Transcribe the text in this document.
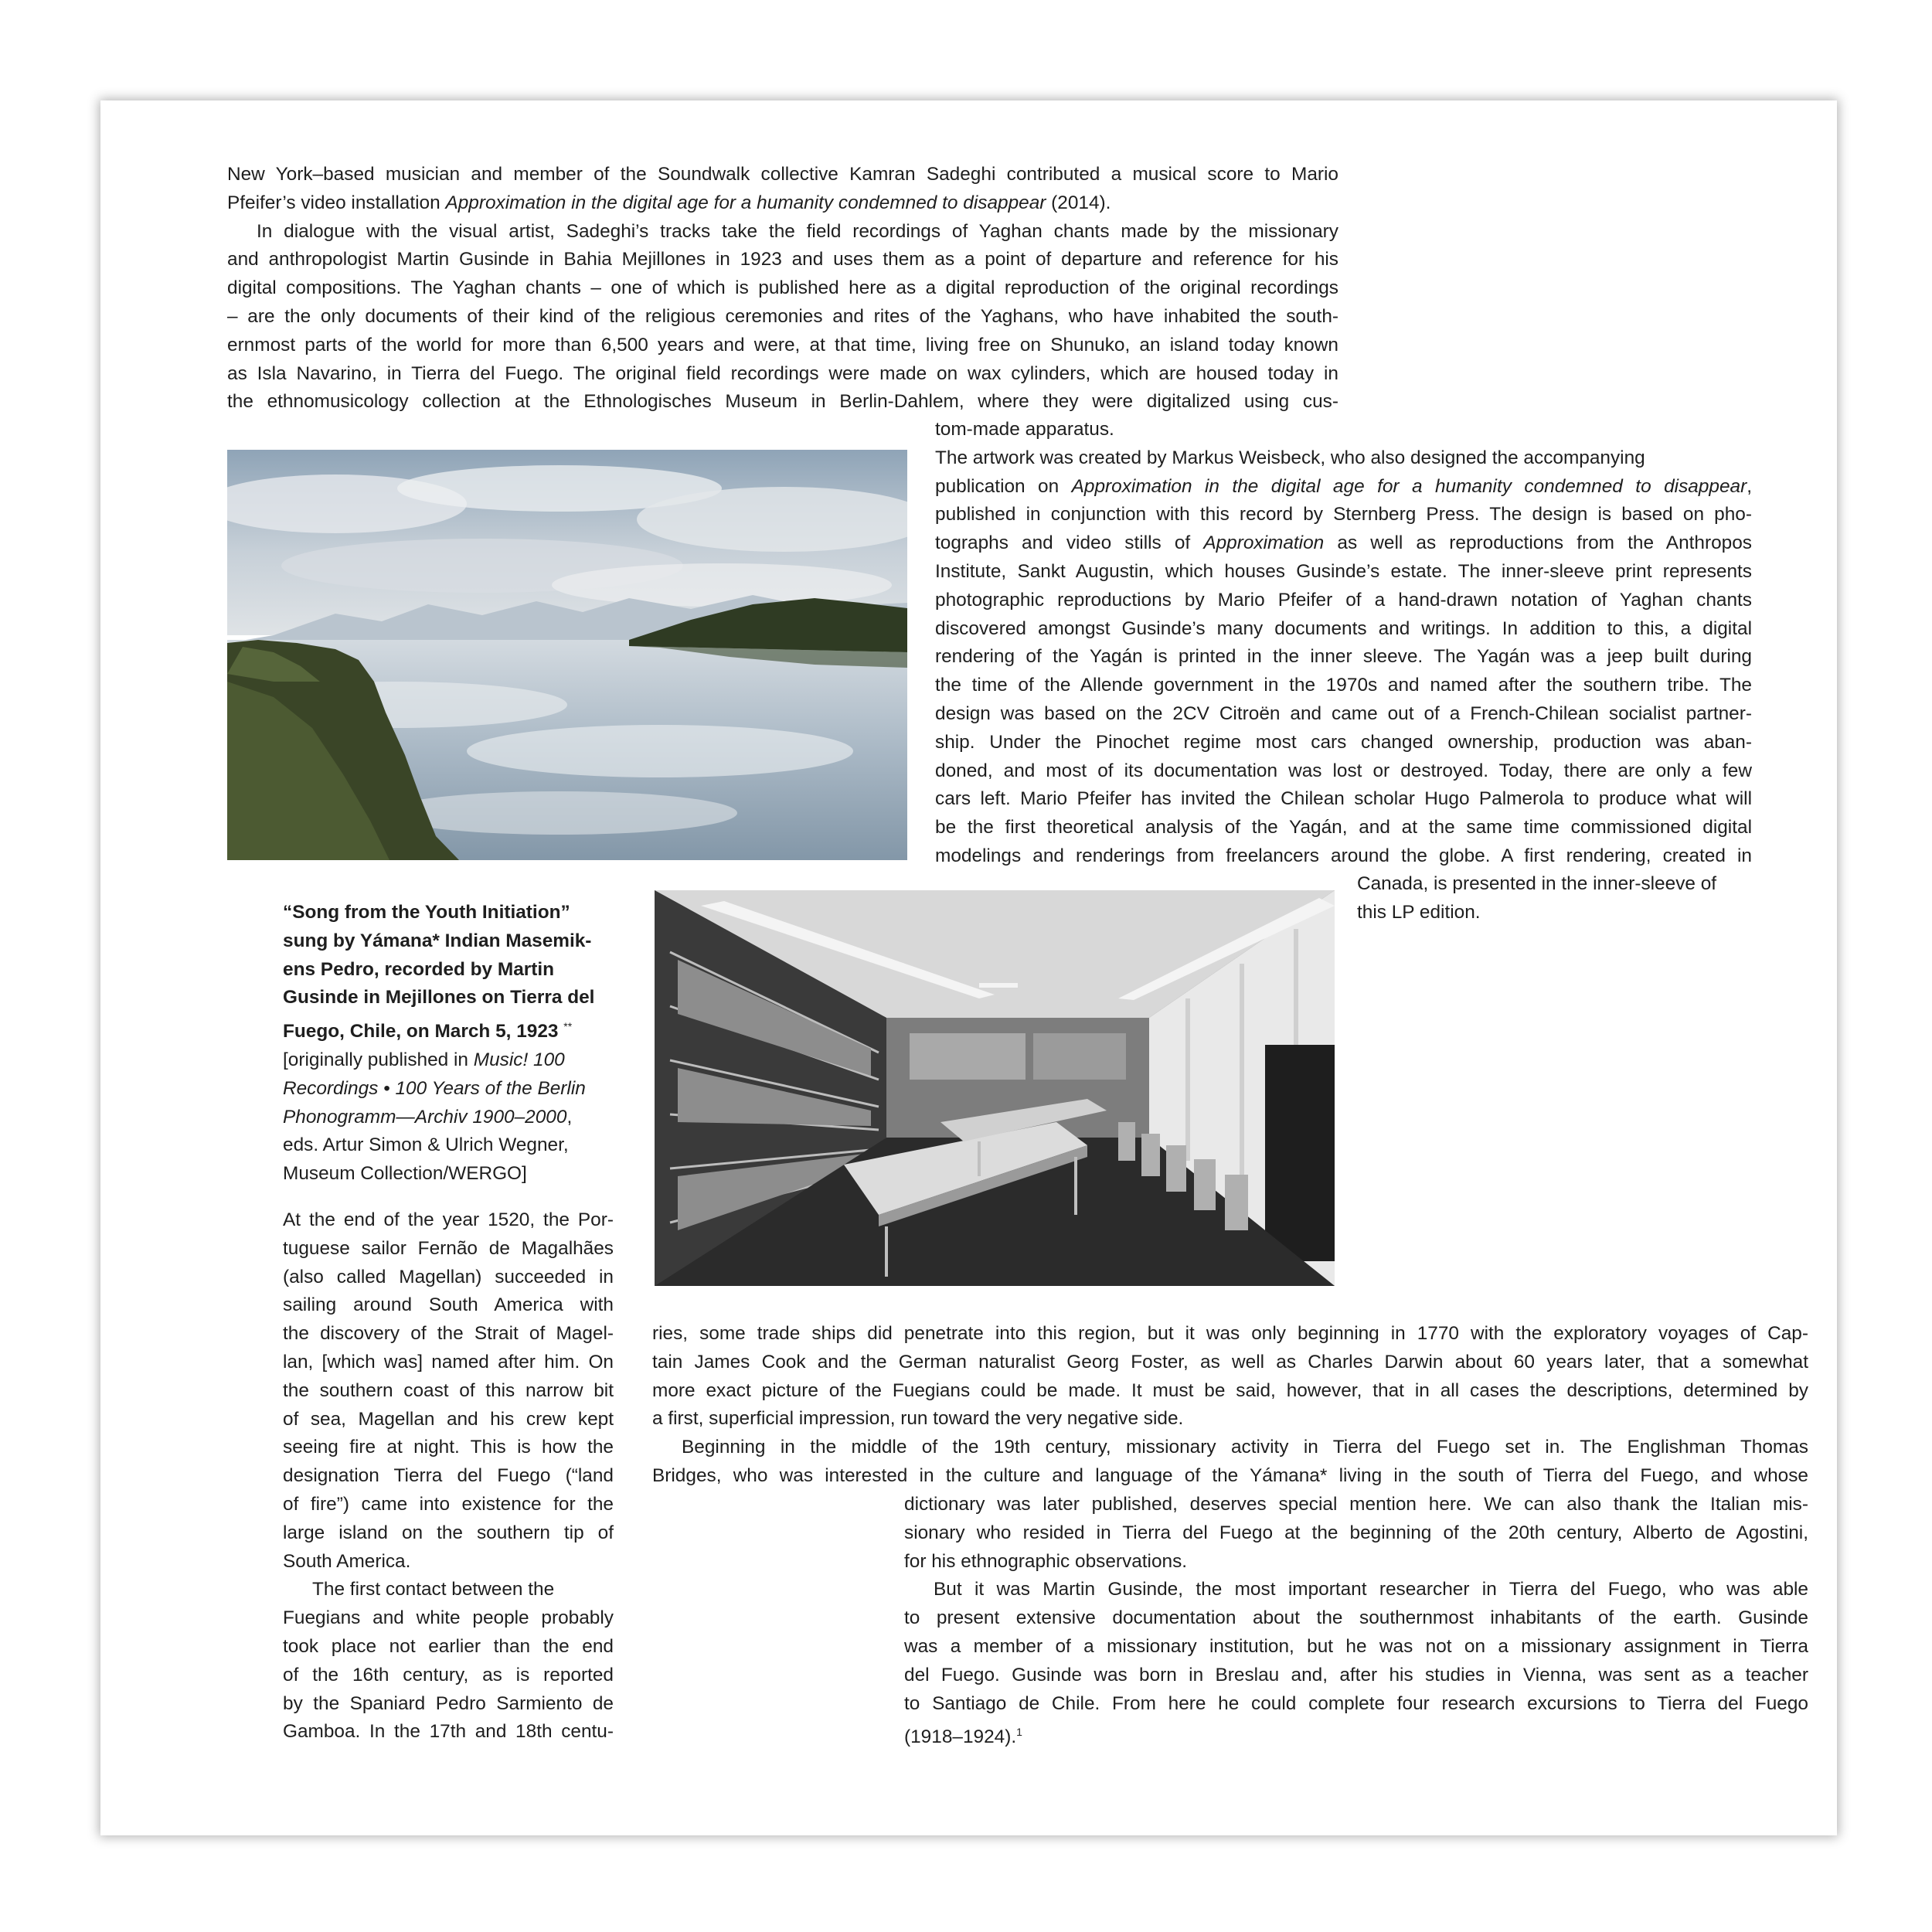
New York–based musician and member of the Soundwalk collective Kamran Sadeghi contributed a musical score to Mario
Pfeifer’s video installation Approximation in the digital age for a humanity condemned to disappear (2014).
In dialogue with the visual artist, Sadeghi’s tracks take the field recordings of Yaghan chants made by the missionary
and anthropologist Martin Gusinde in Bahia Mejillones in 1923 and uses them as a point of departure and reference for his
digital compositions. The Yaghan chants – one of which is published here as a digital reproduction of the original recordings
– are the only documents of their kind of the religious ceremonies and rites of the Yaghans, who have inhabited the south-
ernmost parts of the world for more than 6,500 years and were, at that time, living free on Shunuko, an island today known
as Isla Navarino, in Tierra del Fuego. The original field recordings were made on wax cylinders, which are housed today in
the ethnomusicology collection at the Ethnologisches Museum in Berlin-Dahlem, where they were digitalized using cus-
tom-made apparatus.
The artwork was created by Markus Weisbeck, who also designed the accompanying
publication on Approximation in the digital age for a humanity condemned to disappear,
published in conjunction with this record by Sternberg Press. The design is based on pho-
tographs and video stills of Approximation as well as reproductions from the Anthropos
Institute, Sankt Augustin, which houses Gusinde’s estate. The inner-sleeve print represents
photographic reproductions by Mario Pfeifer of a hand-drawn notation of Yaghan chants
discovered amongst Gusinde’s many documents and writings. In addition to this, a digital
rendering of the Yagán is printed in the inner sleeve. The Yagán was a jeep built during
the time of the Allende government in the 1970s and named after the southern tribe. The
design was based on the 2CV Citroën and came out of a French-Chilean socialist partner-
ship. Under the Pinochet regime most cars changed ownership, production was aban-
doned, and most of its documentation was lost or destroyed. Today, there are only a few
cars left. Mario Pfeifer has invited the Chilean scholar Hugo Palmerola to produce what will
be the first theoretical analysis of the Yagán, and at the same time commissioned digital
modelings and renderings from freelancers around the globe. A first rendering, created in
Canada, is presented in the inner-sleeve of
this LP edition.
“Song from the Youth Initiation”
sung by Yámana* Indian Masemik-
ens Pedro, recorded by Martin
Gusinde in Mejillones on Tierra del
Fuego, Chile, on March 5, 1923 **
[originally published in Music! 100
Recordings • 100 Years of the Berlin
Phonogramm—Archiv 1900–2000,
eds. Artur Simon & Ulrich Wegner,
Museum Collection/WERGO]
At the end of the year 1520, the Por-
tuguese sailor Fernão de Magalhães
(also called Magellan) succeeded in
sailing around South America with
the discovery of the Strait of Magel-
lan, [which was] named after him. On
the southern coast of this narrow bit
of sea, Magellan and his crew kept
seeing fire at night. This is how the
designation Tierra del Fuego (“land
of fire”) came into existence for the
large island on the southern tip of
South America.
The first contact between the
Fuegians and white people probably
took place not earlier than the end
of the 16th century, as is reported
by the Spaniard Pedro Sarmiento de
Gamboa. In the 17th and 18th centu-
ries, some trade ships did penetrate into this region, but it was only beginning in 1770 with the exploratory voyages of Cap-
tain James Cook and the German naturalist Georg Foster, as well as Charles Darwin about 60 years later, that a somewhat
more exact picture of the Fuegians could be made. It must be said, however, that in all cases the descriptions, determined by
a first, superficial impression, run toward the very negative side.
Beginning in the middle of the 19th century, missionary activity in Tierra del Fuego set in. The Englishman Thomas
Bridges, who was interested in the culture and language of the Yámana* living in the south of Tierra del Fuego, and whose
dictionary was later published, deserves special mention here. We can also thank the Italian mis-
sionary who resided in Tierra del Fuego at the beginning of the 20th century, Alberto de Agostini,
for his ethnographic observations.
But it was Martin Gusinde, the most important researcher in Tierra del Fuego, who was able
to present extensive documentation about the southernmost inhabitants of the earth. Gusinde
was a member of a missionary institution, but he was not on a missionary assignment in Tierra
del Fuego. Gusinde was born in Breslau and, after his studies in Vienna, was sent as a teacher
to Santiago de Chile. From here he could complete four research excursions to Tierra del Fuego
(1918–1924).$^1$
